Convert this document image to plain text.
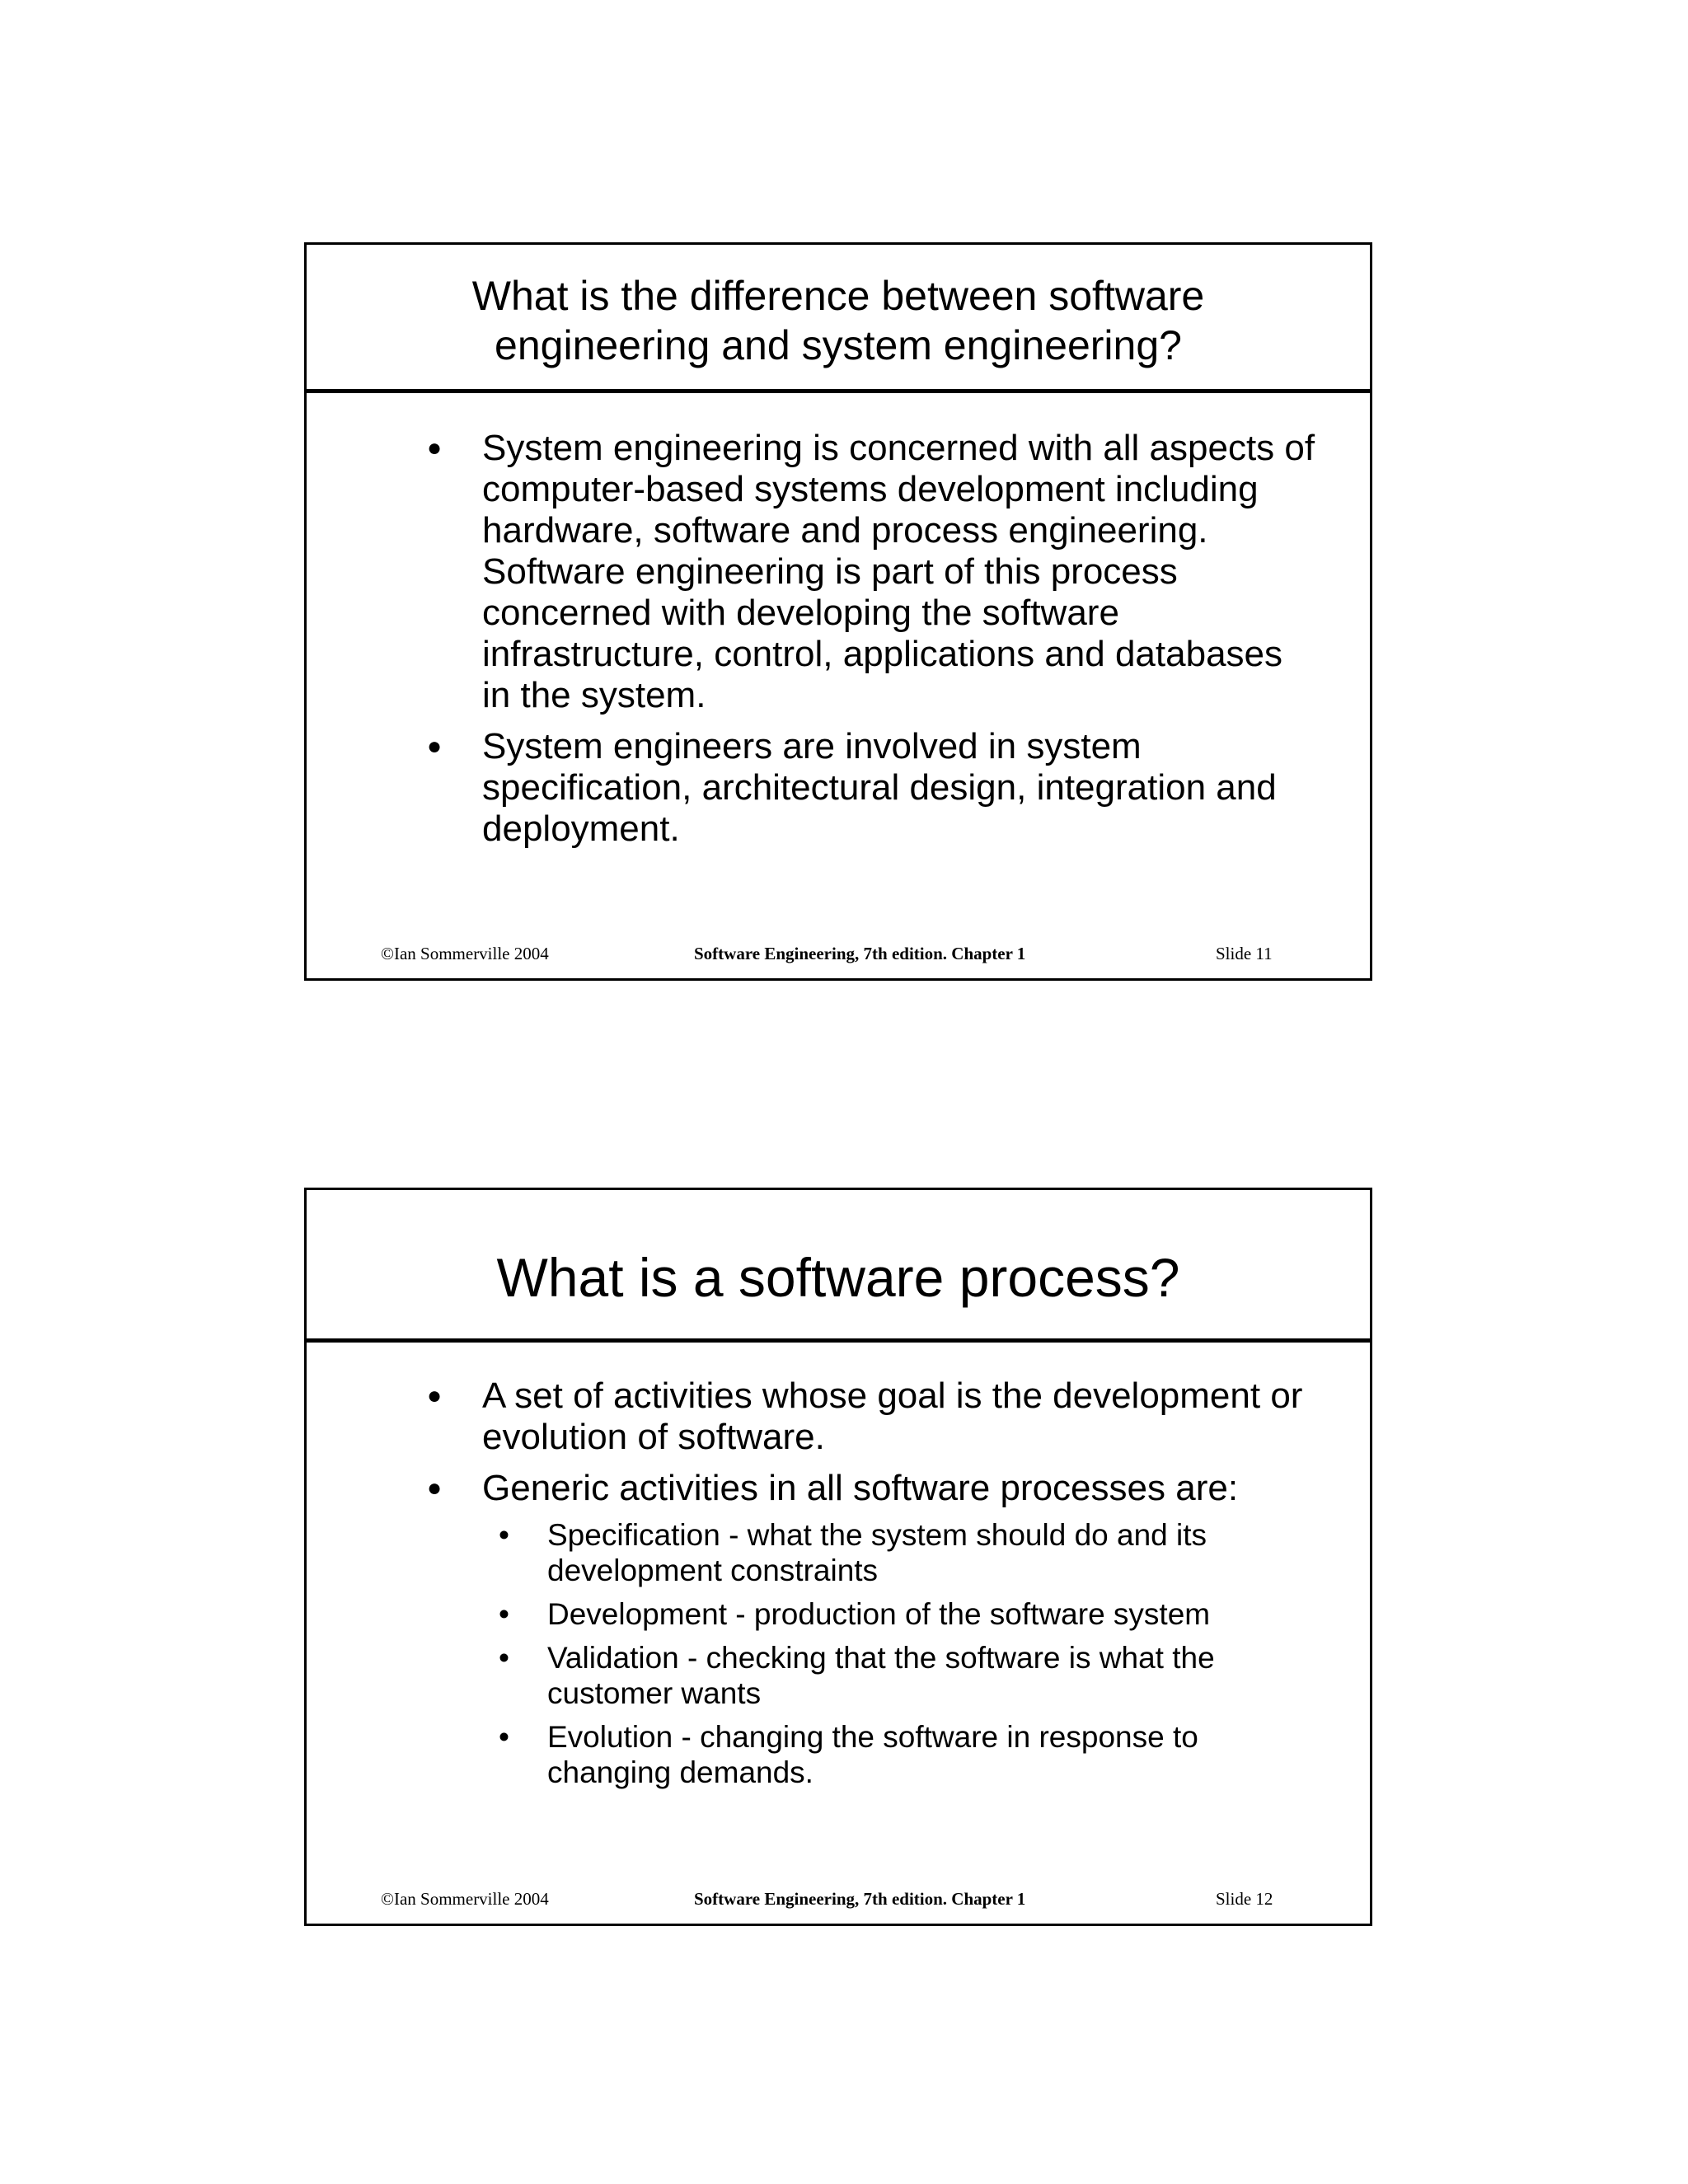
What is the difference between software
engineering and system engineering?
●	System engineering is concerned with all aspects of computer-based systems development including hardware, software and process engineering. Software engineering is part of this process concerned with developing the software infrastructure, control, applications and databases in the system.
●	System engineers are involved in system specification, architectural design, integration and deployment.
©Ian Sommerville 2004	Software Engineering, 7th edition. Chapter 1	Slide 11
What is a software process?
●	A set of activities whose goal is the development or evolution of software.
●	Generic activities in all software processes are:
•	Specification - what the system should do and its development constraints
•	Development - production of the software system
•	Validation - checking that the software is what the customer wants
•	Evolution - changing the software in response to changing demands.
©Ian Sommerville 2004	Software Engineering, 7th edition. Chapter 1	Slide 12
